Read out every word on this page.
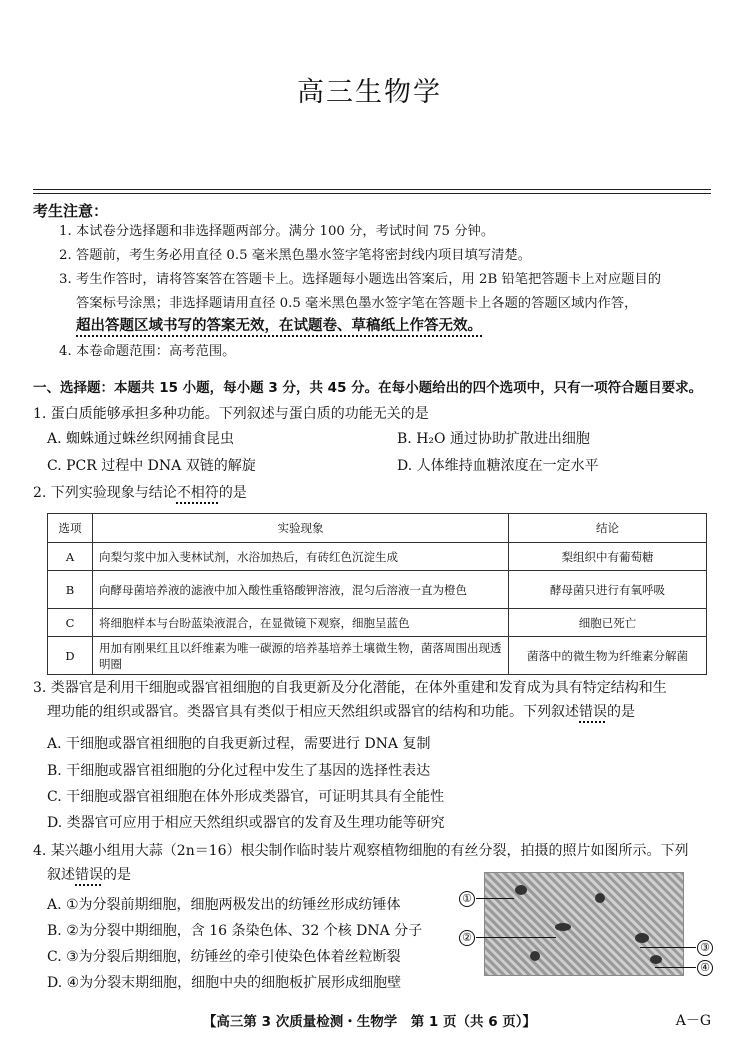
高三生物学
考生注意：
1. 本试卷分选择题和非选择题两部分。满分 100 分，考试时间 75 分钟。
2. 答题前，考生务必用直径 0.5 毫米黑色墨水签字笔将密封线内项目填写清楚。
3. 考生作答时，请将答案答在答题卡上。选择题每小题选出答案后，用 2B 铅笔把答题卡上对应题目的
答案标号涂黑；非选择题请用直径 0.5 毫米黑色墨水签字笔在答题卡上各题的答题区域内作答，
超出答题区域书写的答案无效，在试题卷、草稿纸上作答无效。
4. 本卷命题范围：高考范围。
一、选择题：本题共 15 小题，每小题 3 分，共 45 分。在每小题给出的四个选项中，只有一项符合题目要求。
1. 蛋白质能够承担多种功能。下列叙述与蛋白质的功能无关的是
A. 蜘蛛通过蛛丝织网捕食昆虫	B. H₂O 通过协助扩散进出细胞
C. PCR 过程中 DNA 双链的解旋	D. 人体维持血糖浓度在一定水平
2. 下列实验现象与结论不相符的是
选项	实验现象	结论
A	向梨匀浆中加入斐林试剂，水浴加热后，有砖红色沉淀生成	梨组织中有葡萄糖
B	向酵母菌培养液的滤液中加入酸性重铬酸钾溶液，混匀后溶液一直为橙色	酵母菌只进行有氧呼吸
C	将细胞样本与台盼蓝染液混合，在显微镜下观察，细胞呈蓝色	细胞已死亡
D	用加有刚果红且以纤维素为唯一碳源的培养基培养土壤微生物，菌落周围出现透明圈	菌落中的微生物为纤维素分解菌
3. 类器官是利用干细胞或器官祖细胞的自我更新及分化潜能，在体外重建和发育成为具有特定结构和生
理功能的组织或器官。类器官具有类似于相应天然组织或器官的结构和功能。下列叙述错误的是
A. 干细胞或器官祖细胞的自我更新过程，需要进行 DNA 复制
B. 干细胞或器官祖细胞的分化过程中发生了基因的选择性表达
C. 干细胞或器官祖细胞在体外形成类器官，可证明其具有全能性
D. 类器官可应用于相应天然组织或器官的发育及生理功能等研究
4. 某兴趣小组用大蒜（2n＝16）根尖制作临时装片观察植物细胞的有丝分裂，拍摄的照片如图所示。下列
叙述错误的是
A. ①为分裂前期细胞，细胞两极发出的纺锤丝形成纺锤体
B. ②为分裂中期细胞，含 16 条染色体、32 个核 DNA 分子
C. ③为分裂后期细胞，纺锤丝的牵引使染色体着丝粒断裂
D. ④为分裂末期细胞，细胞中央的细胞板扩展形成细胞壁
①
②
③
④
【高三第 3 次质量检测・生物学　第 1 页（共 6 页）】	A－G
